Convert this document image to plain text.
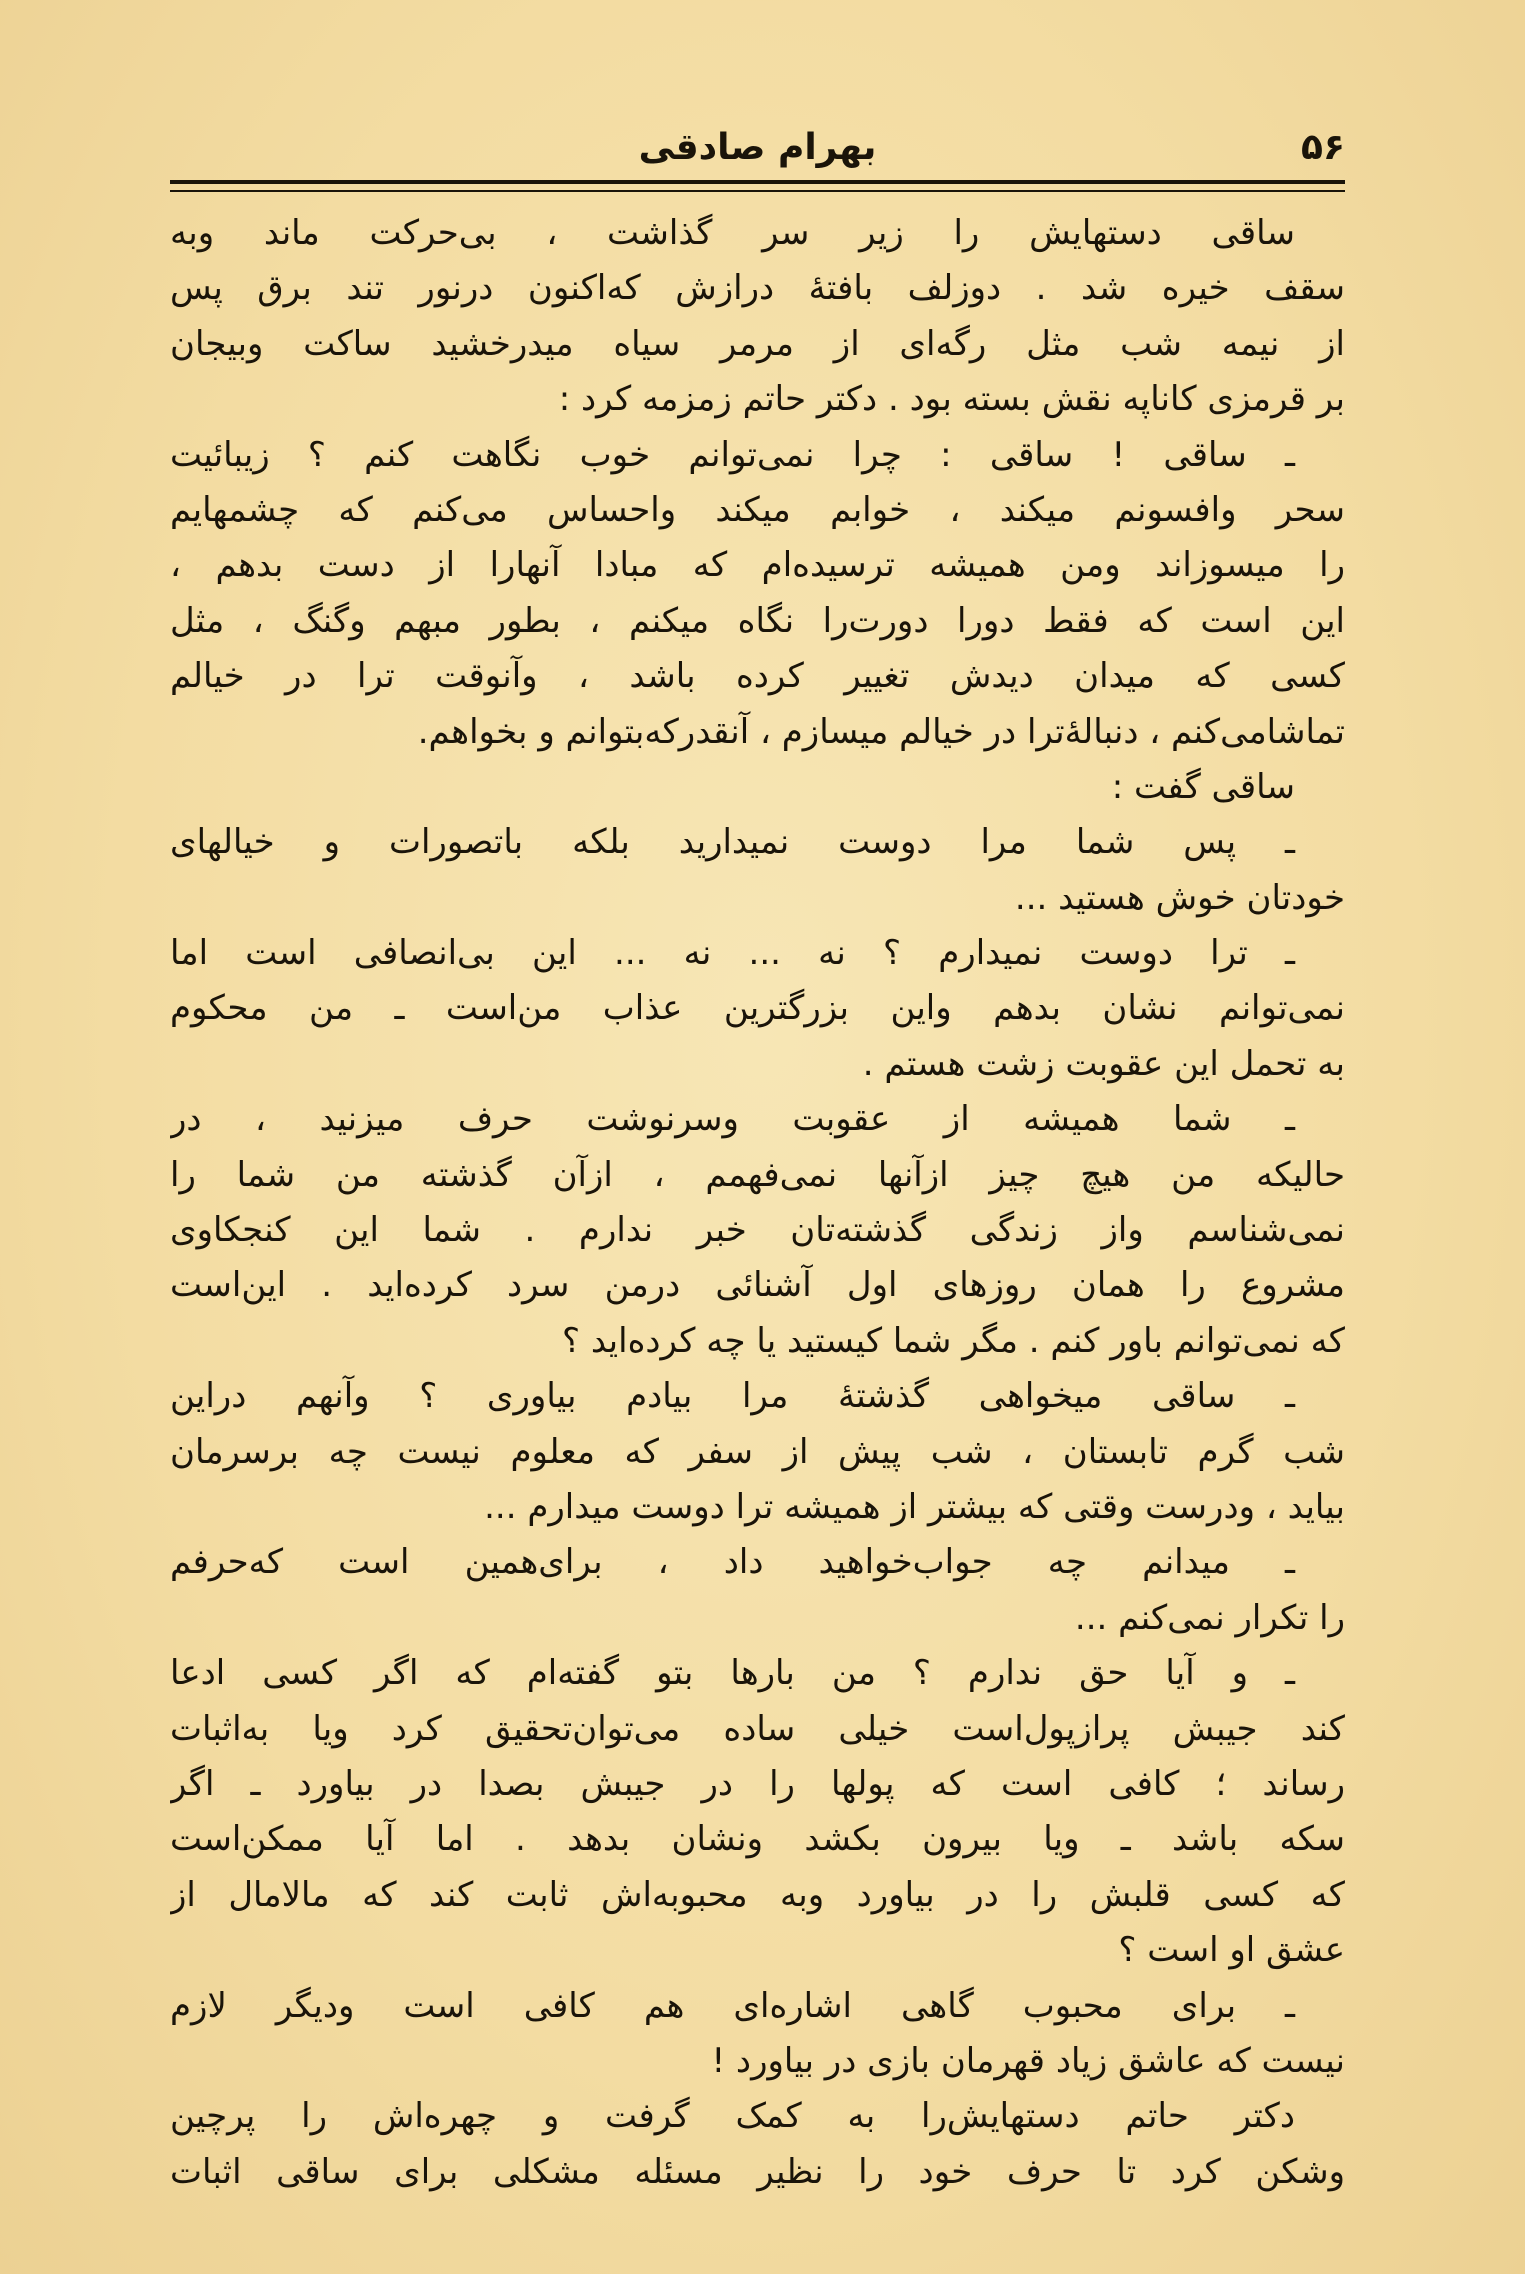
۵۶
بهرام صادقی
ساقی دستهایش را زیر سر گذاشت ، بی‌حرکت ماند وبه
سقف خیره شد . دوزلف بافتهٔ درازش که‌اکنون درنور تند برق پس
از نیمه شب مثل رگه‌ای از مرمر سیاه میدرخشید ساکت وبیجان
بر قرمزی کاناپه نقش بسته بود . دکتر حاتم زمزمه کرد :
ـ ساقی ! ساقی : چرا نمی‌توانم خوب نگاهت کنم ؟ زیبائیت
سحر وافسونم میکند ، خوابم میکند واحساس می‌کنم که چشمهایم
را میسوزاند ومن همیشه ترسیده‌ام که مبادا آنهارا از دست بدهم ،
این است که فقط دورا دورت‌را نگاه میکنم ، بطور مبهم وگنگ ، مثل
کسی که میدان دیدش تغییر کرده باشد ، وآنوقت ترا در خیالم
تماشامی‌کنم ، دنبالهٔ‌ترا در خیالم میسازم ، آنقدرکه‌بتوانم و بخواهم.
ساقی گفت :
ـ پس شما مرا دوست نمیدارید بلکه باتصورات و خیالهای
خودتان خوش هستید ...
ـ ترا دوست نمیدارم ؟ نه ... نه ... این بی‌انصافی است اما
نمی‌توانم نشان بدهم واین بزرگترین عذاب من‌است ـ من محکوم
به تحمل این عقوبت زشت هستم .
ـ شما همیشه از عقوبت وسرنوشت حرف میزنید ، در
حالیکه من هیچ چیز ازآنها نمی‌فهمم ، ازآن گذشته من شما را
نمی‌شناسم واز زندگی گذشته‌تان خبر ندارم . شما این کنجکاوی
مشروع را همان روزهای اول آشنائی درمن سرد کرده‌اید . این‌است
که نمی‌توانم باور کنم . مگر شما کیستید یا چه کرده‌اید ؟
ـ ساقی میخواهی گذشتهٔ مرا بیادم بیاوری ؟ وآنهم دراین
شب گرم تابستان ، شب پیش از سفر که معلوم نیست چه برسرمان
بیاید ، ودرست وقتی که بیشتر از همیشه ترا دوست میدارم ...
ـ میدانم چه جواب‌خواهید داد ، برای‌همین است که‌حرفم
را تکرار نمی‌کنم ...
ـ و آیا حق ندارم ؟ من بارها بتو گفته‌ام که اگر کسی ادعا
کند جیبش پرازپول‌است خیلی ساده می‌توان‌تحقیق کرد ویا به‌اثبات
رساند ؛ کافی است که پولها را در جیبش بصدا در بیاورد ـ اگر
سکه باشد ـ ویا بیرون بکشد ونشان بدهد . اما آیا ممکن‌است
که کسی قلبش را در بیاورد وبه محبوبه‌اش ثابت کند که مالامال از
عشق او است ؟
ـ برای محبوب گاهی اشاره‌ای هم کافی است ودیگر لازم
نیست که عاشق زیاد قهرمان بازی در بیاورد !
دکتر حاتم دستهایش‌را به کمک گرفت و چهره‌اش را پرچین
وشکن کرد تا حرف خود را نظیر مسئله مشکلی برای ساقی اثبات
